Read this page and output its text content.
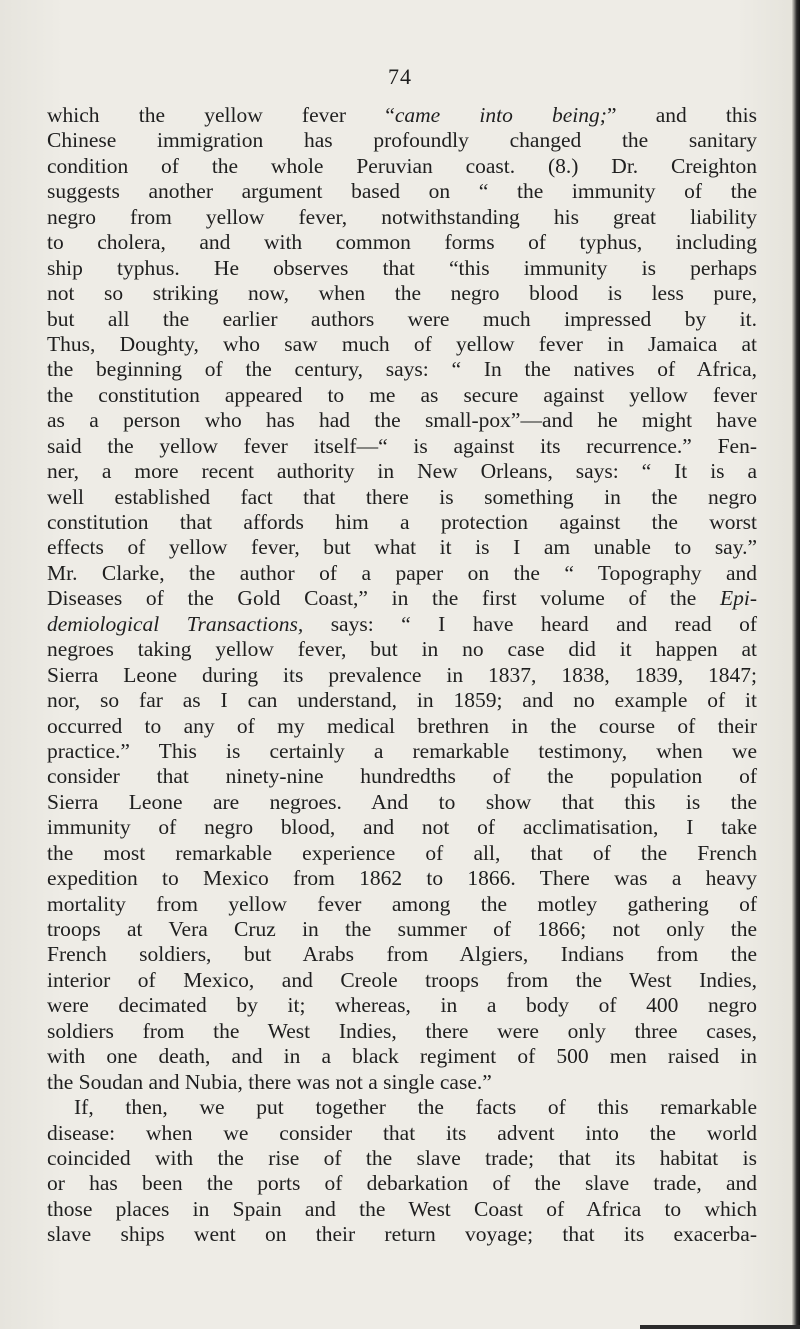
74
which the yellow fever “came into being;” and this
Chinese immigration has profoundly changed the sanitary
condition of the whole Peruvian coast. (8.) Dr. Creighton
suggests another argument based on “ the immunity of the
negro from yellow fever, notwithstanding his great liability
to cholera, and with common forms of typhus, including
ship typhus. He observes that “this immunity is perhaps
not so striking now, when the negro blood is less pure,
but all the earlier authors were much impressed by it.
Thus, Doughty, who saw much of yellow fever in Jamaica at
the beginning of the century, says: “ In the natives of Africa,
the constitution appeared to me as secure against yellow fever
as a person who has had the small-pox”—and he might have
said the yellow fever itself—“ is against its recurrence.” Fen-
ner, a more recent authority in New Orleans, says: “ It is a
well established fact that there is something in the negro
constitution that affords him a protection against the worst
effects of yellow fever, but what it is I am unable to say.”
Mr. Clarke, the author of a paper on the “ Topography and
Diseases of the Gold Coast,” in the first volume of the Epi-
demiological Transactions, says: “ I have heard and read of
negroes taking yellow fever, but in no case did it happen at
Sierra Leone during its prevalence in 1837, 1838, 1839, 1847;
nor, so far as I can understand, in 1859; and no example of it
occurred to any of my medical brethren in the course of their
practice.” This is certainly a remarkable testimony, when we
consider that ninety-nine hundredths of the population of
Sierra Leone are negroes. And to show that this is the
immunity of negro blood, and not of acclimatisation, I take
the most remarkable experience of all, that of the French
expedition to Mexico from 1862 to 1866. There was a heavy
mortality from yellow fever among the motley gathering of
troops at Vera Cruz in the summer of 1866; not only the
French soldiers, but Arabs from Algiers, Indians from the
interior of Mexico, and Creole troops from the West Indies,
were decimated by it; whereas, in a body of 400 negro
soldiers from the West Indies, there were only three cases,
with one death, and in a black regiment of 500 men raised in
the Soudan and Nubia, there was not a single case.”
If, then, we put together the facts of this remarkable
disease: when we consider that its advent into the world
coincided with the rise of the slave trade; that its habitat is
or has been the ports of debarkation of the slave trade, and
those places in Spain and the West Coast of Africa to which
slave ships went on their return voyage; that its exacerba-
